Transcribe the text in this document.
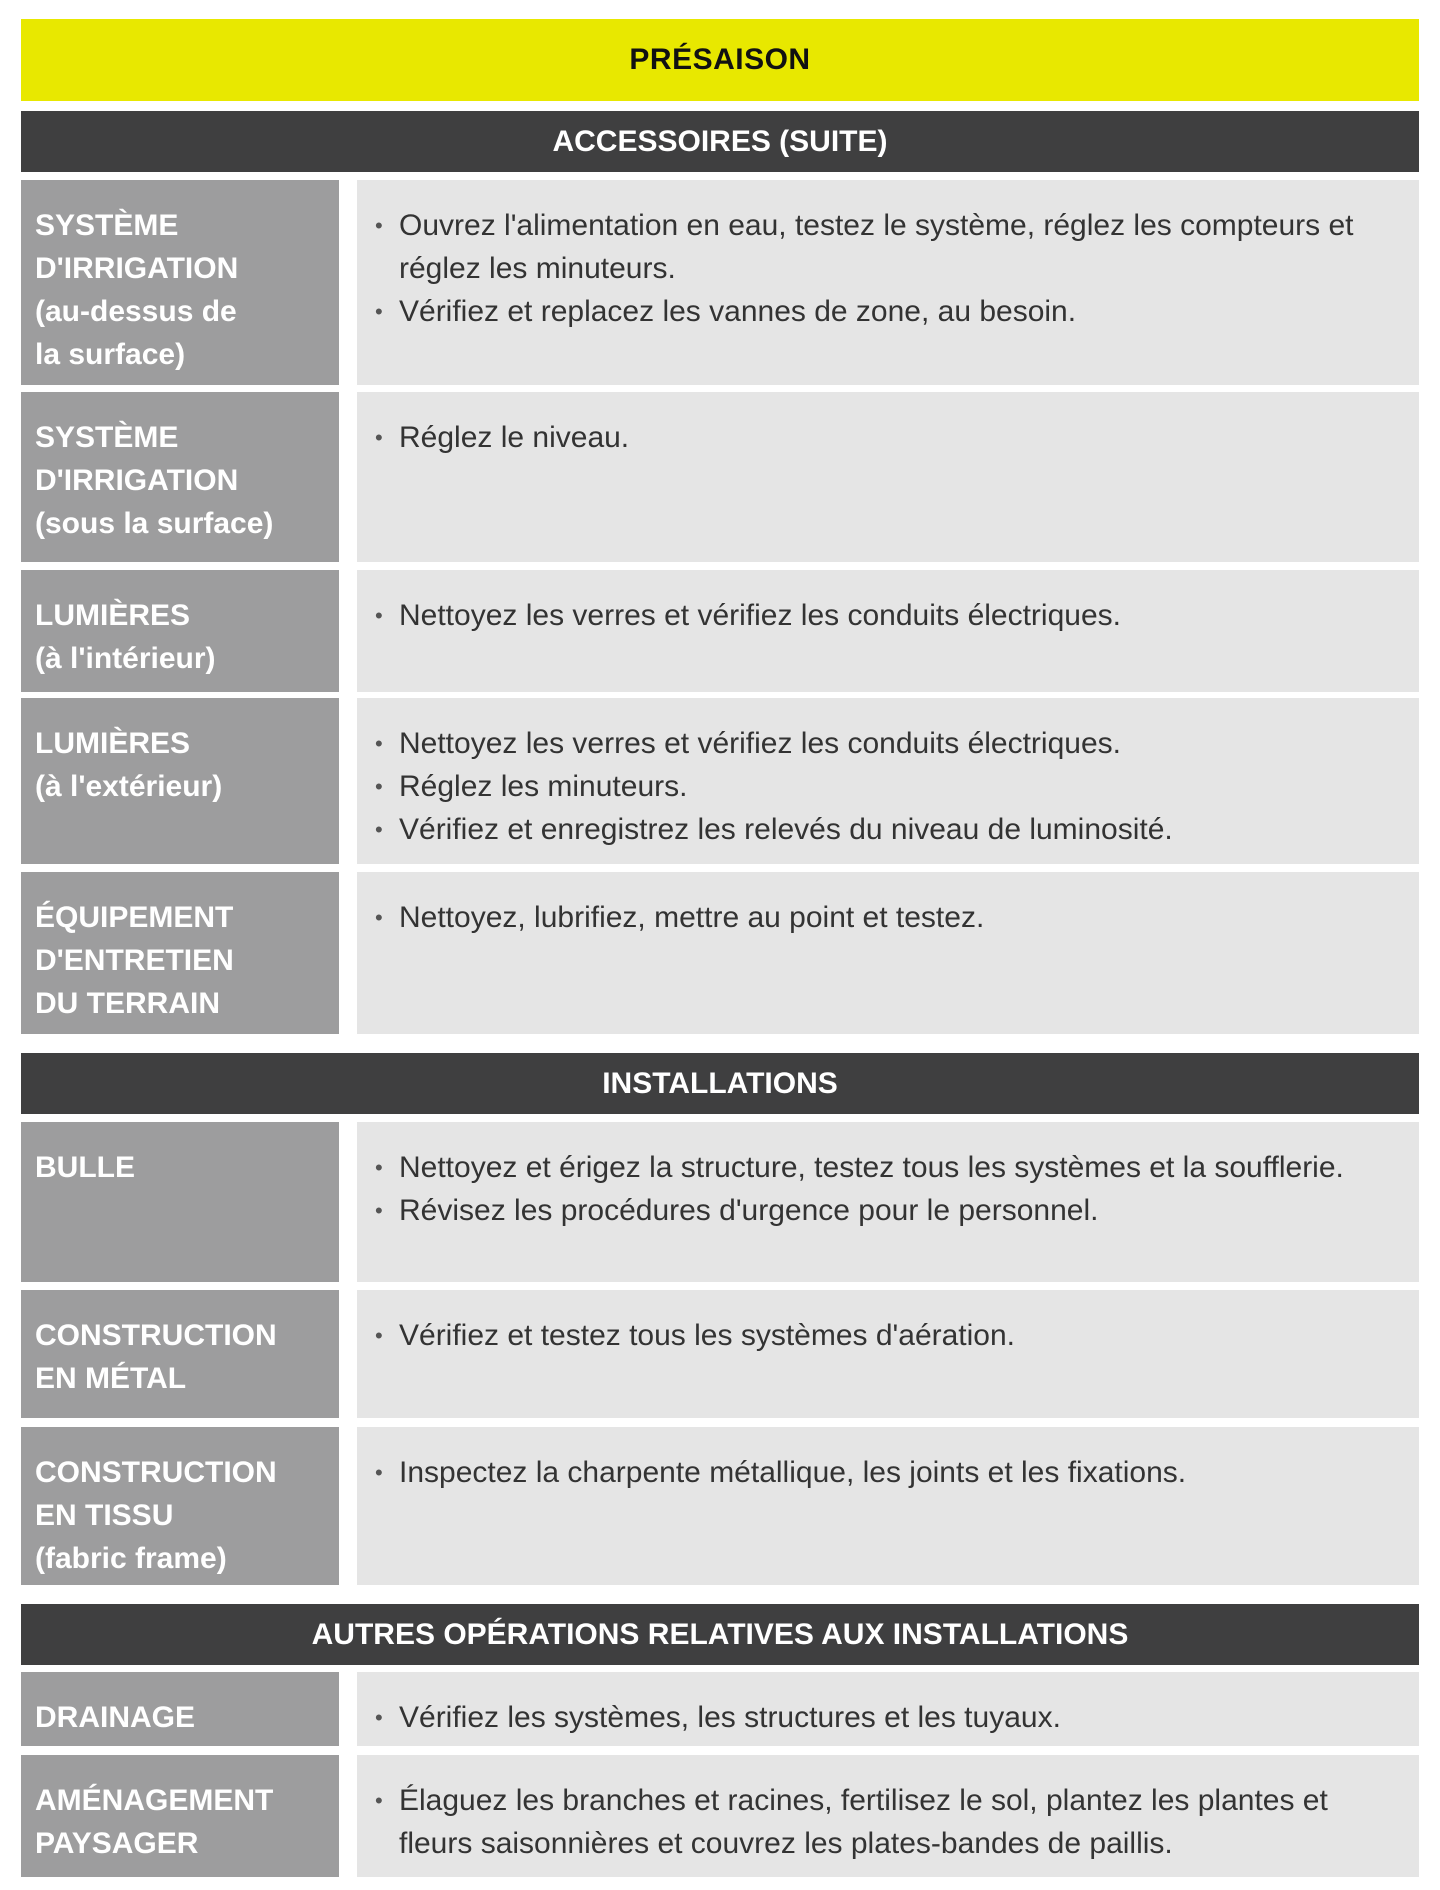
PRÉSAISON
ACCESSOIRES (SUITE)
SYSTÈME
D'IRRIGATION
(au-dessus de
la surface)
• Ouvrez l'alimentation en eau, testez le système, réglez les compteurs et réglez les minuteurs.
• Vérifiez et replacez les vannes de zone, au besoin.
SYSTÈME
D'IRRIGATION
(sous la surface)
• Réglez le niveau.
LUMIÈRES
(à l'intérieur)
• Nettoyez les verres et vérifiez les conduits électriques.
LUMIÈRES
(à l'extérieur)
• Nettoyez les verres et vérifiez les conduits électriques.
• Réglez les minuteurs.
• Vérifiez et enregistrez les relevés du niveau de luminosité.
ÉQUIPEMENT
D'ENTRETIEN
DU TERRAIN
• Nettoyez, lubrifiez, mettre au point et testez.
INSTALLATIONS
BULLE	• Nettoyez et érigez la structure, testez tous les systèmes et la soufflerie.
• Révisez les procédures d'urgence pour le personnel.
CONSTRUCTION
EN MÉTAL
• Vérifiez et testez tous les systèmes d'aération.
CONSTRUCTION
EN TISSU
(fabric frame)
• Inspectez la charpente métallique, les joints et les fixations.
AUTRES OPÉRATIONS RELATIVES AUX INSTALLATIONS
DRAINAGE	• Vérifiez les systèmes, les structures et les tuyaux.
AMÉNAGEMENT
PAYSAGER
• Élaguez les branches et racines, fertilisez le sol, plantez les plantes et fleurs saisonnières et couvrez les plates-bandes de paillis.
